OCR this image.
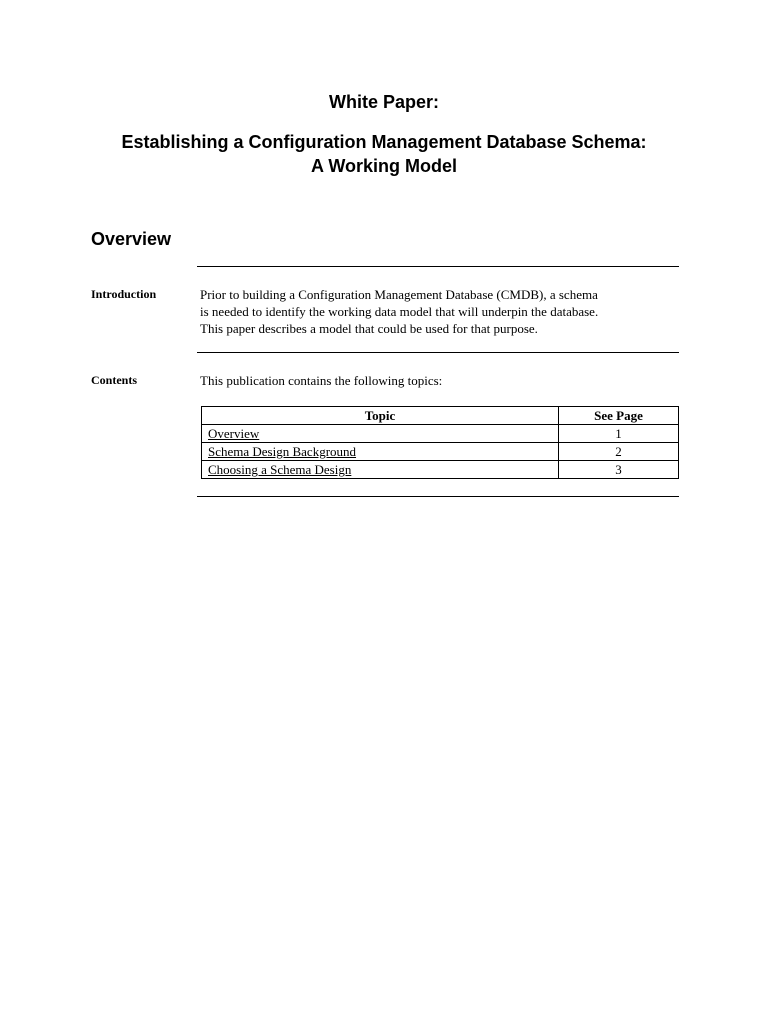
White Paper:
Establishing a Configuration Management Database Schema:
A Working Model
Overview
Introduction	Prior to building a Configuration Management Database (CMDB), a schema
is needed to identify the working data model that will underpin the database.
This paper describes a model that could be used for that purpose.
Contents	This publication contains the following topics:
Topic	See Page
Overview	1
Schema Design Background	2
Choosing a Schema Design	3
